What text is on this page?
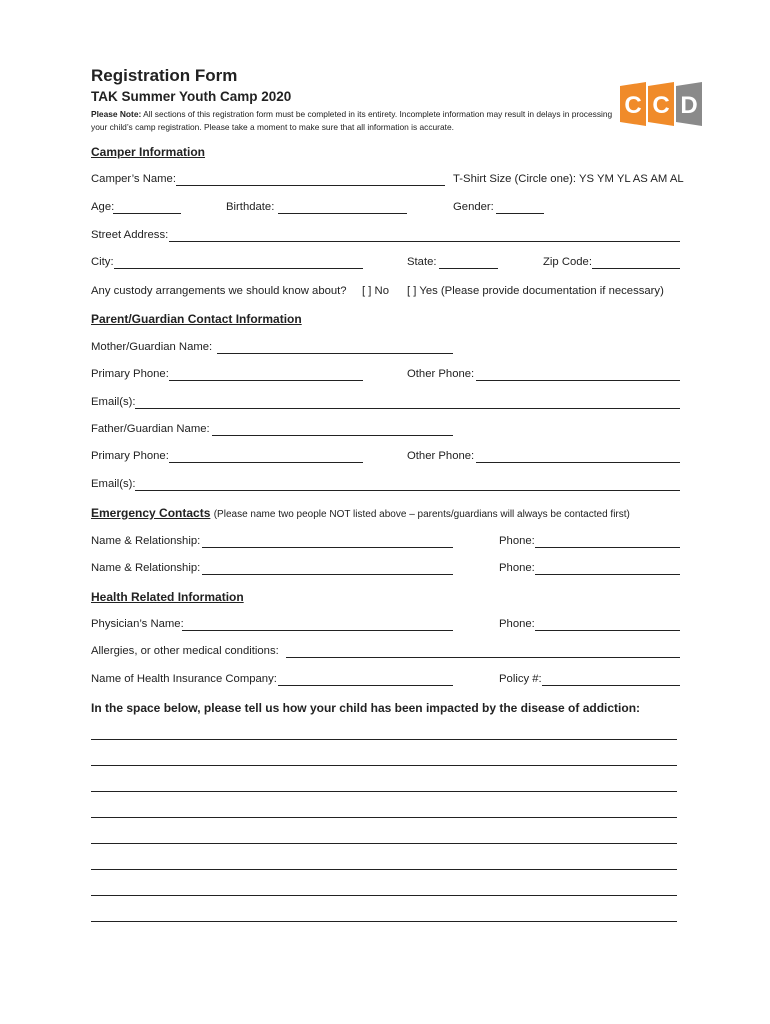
Registration Form
TAK Summer Youth Camp 2020
Please Note: All sections of this registration form must be completed in its entirety. Incomplete information may result in delays in processing your child’s camp registration. Please take a moment to make sure that all information is accurate.
C C D
Camper Information
Camper’s Name:	T-Shirt Size (Circle one): YS YM YL AS AM AL
Age:	Birthdate:	Gender:
Street Address:
City:	State:	Zip Code:
Any custody arrangements we should know about? [ ] No [ ] Yes (Please provide documentation if necessary)
Parent/Guardian Contact Information
Mother/Guardian Name:
Primary Phone:	Other Phone:
Email(s):
Father/Guardian Name:
Primary Phone:	Other Phone:
Email(s):
Emergency Contacts (Please name two people NOT listed above – parents/guardians will always be contacted first)
Name & Relationship:	Phone:
Name & Relationship:	Phone:
Health Related Information
Physician’s Name:	Phone:
Allergies, or other medical conditions:
Name of Health Insurance Company:	Policy #:
In the space below, please tell us how your child has been impacted by the disease of addiction:
